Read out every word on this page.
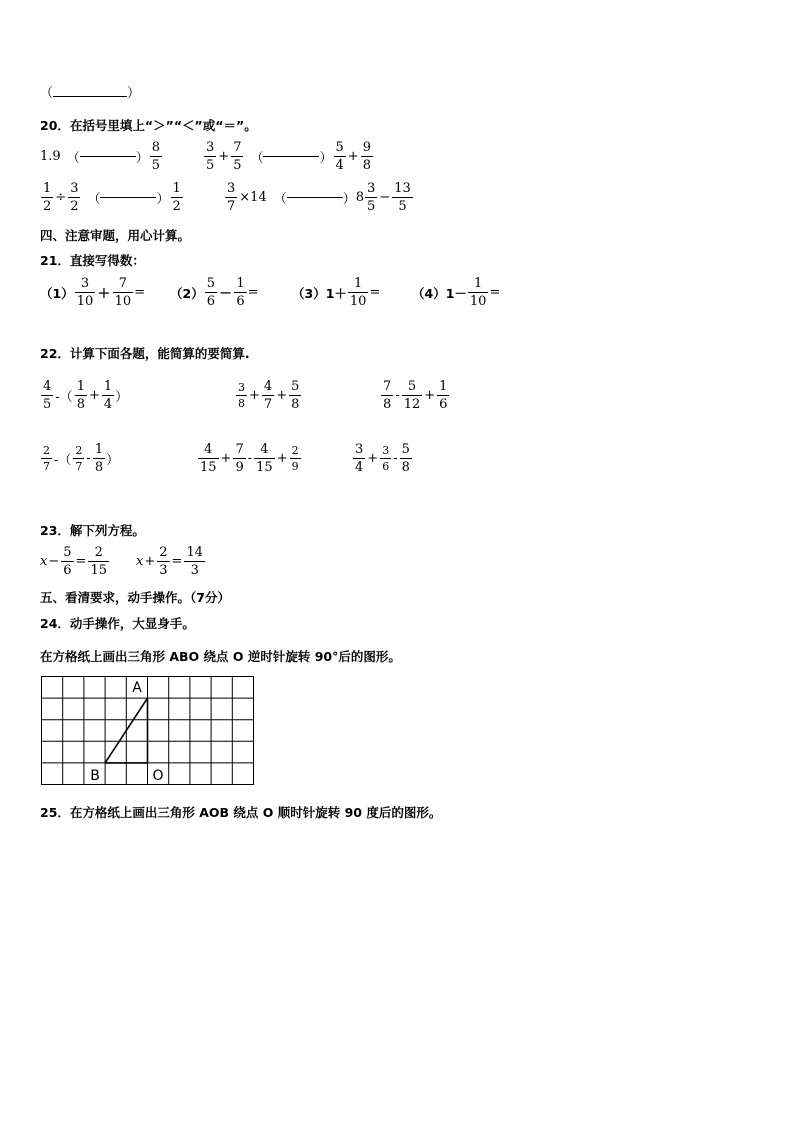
（	）
20．在括号里填上“＞”“＜”或“＝”。
1.9 （	） $\frac{8}{5}$	$\frac{3}{5} + \frac{7}{5}$ （	） $\frac{5}{4} + \frac{9}{8}$
$\frac{1}{2} \div \frac{3}{2}$ （	） $\frac{1}{2}$	$\frac{3}{7} \times 14$ （	） $8 \frac{3}{5} - \frac{13}{5}$
四、注意审题，用心计算。
21．直接写得数：
$(1) \frac{3}{10} + \frac{7}{10} = (2) \frac{5}{6} - \frac{1}{6}$ =	$(3)1+ \frac{1}{10}$ =	$(4)1- \frac{1}{10}$ =
22．计算下面各题，能简算的要简算.
$\frac{4}{5}$ -（ $\frac{1}{8} + \frac{1}{4}$ ）	$\frac{3}{8} + \frac{4}{7} + \frac{5}{8}$	$\frac{7}{8} - \frac{5}{12} + \frac{1}{6}$
$\frac{2}{7}$ -（ $\frac{2}{7} - \frac{1}{8}$ ）	$\frac{4}{15} + \frac{7}{9} - \frac{4}{15} + \frac{2}{9}$	$\frac{3}{4} + \frac{3}{6} - \frac{5}{8}$
23．解下列方程。
$x - \frac{5}{6} = \frac{2}{15}$ $x + \frac{2}{3} = \frac{14}{3}$
五、看清要求，动手操作。（7分）
24．动手操作，大显身手。
在方格纸上画出三角形 ABO 绕点 O 逆时针旋转 90°后的图形。
A
B	O
25．在方格纸上画出三角形 AOB 绕点 O 顺时针旋转 90 度后的图形。
